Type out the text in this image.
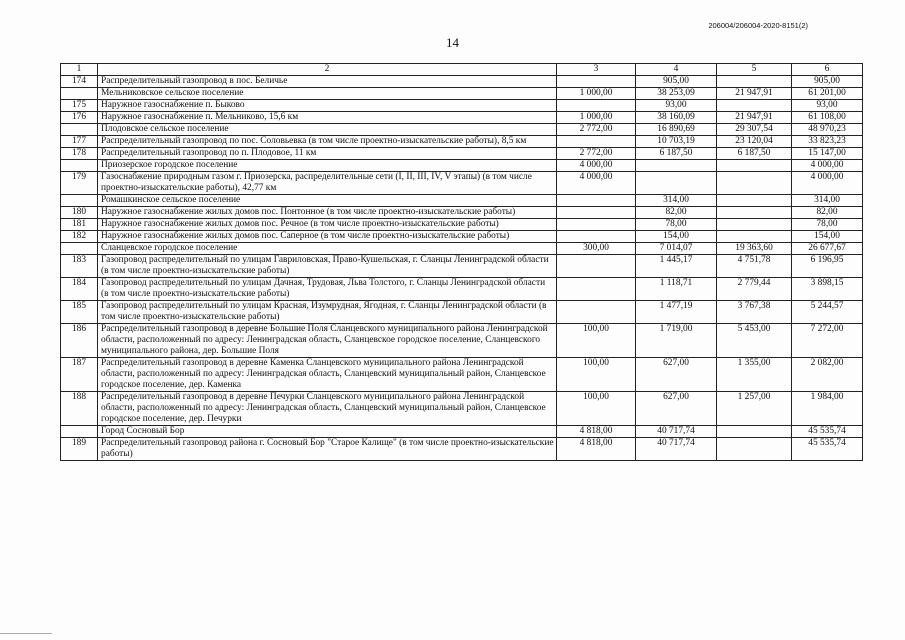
206004/206004-2020-8151(2)
14
1	2	3	4	5	6
174	Распределительный газопровод в пос. Беличье		905,00		905,00
	Мельниковское сельское поселение	1 000,00	38 253,09	21 947,91	61 201,00
175	Наружное газоснабжение п. Быково		93,00		93,00
176	Наружное газоснабжение п. Мельниково, 15,6 км	1 000,00	38 160,09	21 947,91	61 108,00
	Плодовское сельское поселение	2 772,00	16 890,69	29 307,54	48 970,23
177	Распределительный газопровод по пос. Соловьевка (в том числе проектно-изыскательские работы), 8,5 км		10 703,19	23 120,04	33 823,23
178	Распределительный газопровод по п. Плодовое, 11 км	2 772,00	6 187,50	6 187,50	15 147,00
	Приозерское городское поселение	4 000,00			4 000,00
179	Газоснабжение природным газом г. Приозерска, распределительные сети (I, II, III, IV, V этапы) (в том числе проектно-изыскательские работы), 42,77 км	4 000,00			4 000,00
	Ромашкинское сельское поселение		314,00		314,00
180	Наружное газоснабжение жилых домов пос. Понтонное (в том числе проектно-изыскательские работы)		82,00		82,00
181	Наружное газоснабжение жилых домов пос. Речное (в том числе проектно-изыскательские работы)		78,00		78,00
182	Наружное газоснабжение жилых домов пос. Саперное (в том числе проектно-изыскательские работы)		154,00		154,00
	Сланцевское городское поселение	300,00	7 014,07	19 363,60	26 677,67
183	Газопровод распределительный по улицам Гавриловская, Право-Кушельская, г. Сланцы Ленинградской области (в том числе проектно-изыскательские работы)		1 445,17	4 751,78	6 196,95
184	Газопровод распределительный по улицам Дачная, Трудовая, Льва Толстого, г. Сланцы Ленинградской области (в том числе проектно-изыскательские работы)		1 118,71	2 779,44	3 898,15
185	Газопровод распределительный по улицам Красная, Изумрудная, Ягодная, г. Сланцы Ленинградской области (в том числе проектно-изыскательские работы)		1 477,19	3 767,38	5 244,57
186	Распределительный газопровод в деревне Большие Поля Сланцевского муниципального района Ленинградской области, расположенный по адресу: Ленинградская область, Сланцевское городское поселение, Сланцевского муниципального района, дер. Большие Поля	100,00	1 719,00	5 453,00	7 272,00
187	Распределительный газопровод в деревне Каменка Сланцевского муниципального района Ленинградской области, расположенный по адресу: Ленинградская область, Сланцевский муниципальный район, Сланцевское городское поселение, дер. Каменка	100,00	627,00	1 355,00	2 082,00
188	Распределительный газопровод в деревне Печурки Сланцевского муниципального района Ленинградской области, расположенный по адресу: Ленинградская область, Сланцевский муниципальный район, Сланцевское городское поселение, дер. Печурки	100,00	627,00	1 257,00	1 984,00
	Город Сосновый Бор	4 818,00	40 717,74		45 535,74
189	Распределительный газопровод района г. Сосновый Бор "Старое Калище" (в том числе проектно-изыскательские работы)	4 818,00	40 717,74		45 535,74
